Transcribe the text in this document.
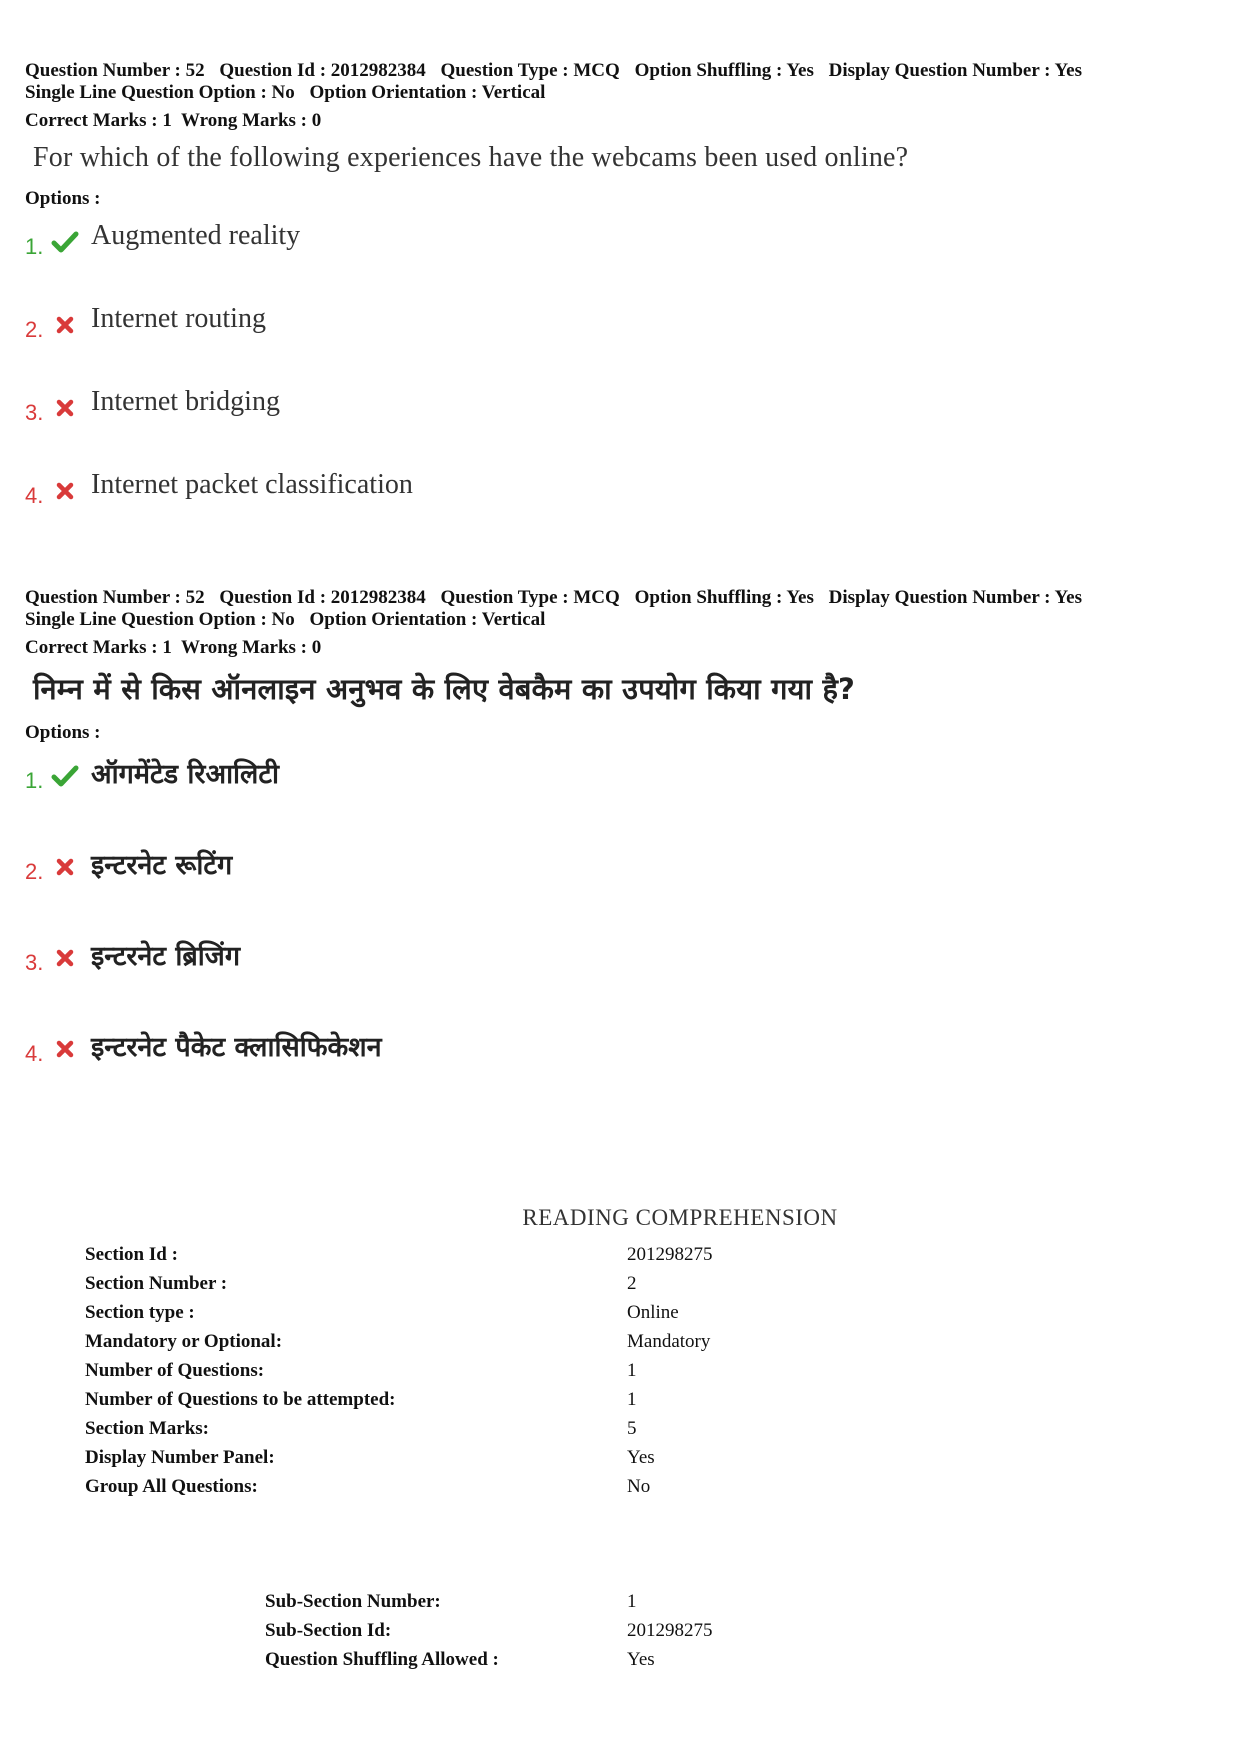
Question Number : 52 Question Id : 2012982384 Question Type : MCQ Option Shuffling : Yes Display Question Number : Yes
Single Line Question Option : No Option Orientation : Vertical
Correct Marks : 1 Wrong Marks : 0
For which of the following experiences have the webcams been used online?
Options :
1. Augmented reality
2. Internet routing
3. Internet bridging
4. Internet packet classification
Question Number : 52 Question Id : 2012982384 Question Type : MCQ Option Shuffling : Yes Display Question Number : Yes
Single Line Question Option : No Option Orientation : Vertical
Correct Marks : 1 Wrong Marks : 0
निम्न में से किस ऑनलाइन अनुभव के लिए वेबकैम का उपयोग किया गया है?
Options :
1. ऑगमेंटेड रिआलिटी
2. इन्टरनेट रूटिंग
3. इन्टरनेट ब्रिजिंग
4. इन्टरनेट पैकेट क्लासिफिकेशन
READING COMPREHENSION
Section Id :	201298275
Section Number :	2
Section type :	Online
Mandatory or Optional:	Mandatory
Number of Questions:	1
Number of Questions to be attempted:	1
Section Marks:	5
Display Number Panel:	Yes
Group All Questions:	No
Sub-Section Number:	1
Sub-Section Id:	201298275
Question Shuffling Allowed :	Yes
